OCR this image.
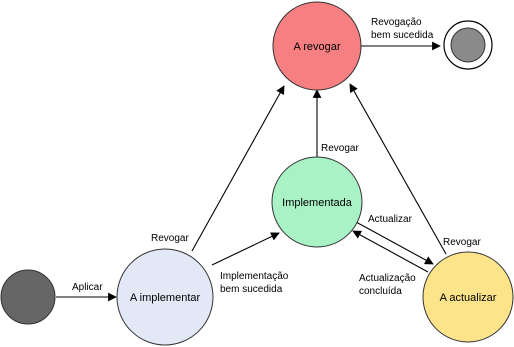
A revogar
Implementada
A implementar	A actualizar
Aplicar
Implementação
bem sucedida
Revogar
Revogar
Revogar
Actualizar
Actualização
concluída
Revogação
bem sucedida
